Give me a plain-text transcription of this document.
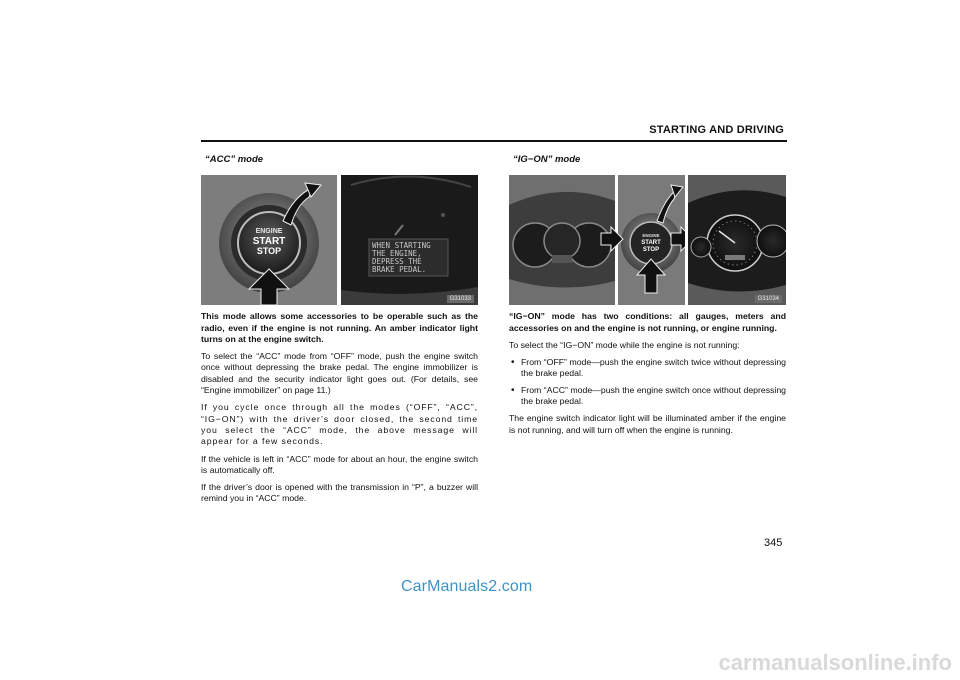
STARTING AND DRIVING
“ACC” mode
ENGINE
START
STOP
WHEN STARTING
THE ENGINE,
DEPRESS THE
BRAKE PEDAL.
G31033

This mode allows some accessories to be operable such as the radio, even if the engine is not running. An amber indicator light turns on at the engine switch.

To select the “ACC” mode from “OFF” mode, push the engine switch once without depressing the brake pedal. The engine immobilizer is disabled and the security indicator light goes out. (For details, see “Engine immobilizer” on page 11.)

If you cycle once through all the modes (“OFF”, “ACC”, “IG−ON”) with the driver’s door closed, the second time you select the “ACC” mode, the above message will appear for a few seconds.

If the vehicle is left in “ACC” mode for about an hour, the engine switch is automatically off.

If the driver’s door is opened with the transmission in “P”, a buzzer will remind you in “ACC” mode.

“IG−ON” mode
ENGINE
START
STOP
G31034

“IG−ON” mode has two conditions: all gauges, meters and accessories on and the engine is not running, or engine running.

To select the “IG−ON” mode while the engine is not running:

• From “OFF” mode—push the engine switch twice without depressing the brake pedal.
• From “ACC” mode—push the engine switch once without depressing the brake pedal.

The engine switch indicator light will be illuminated amber if the engine is not running, and will turn off when the engine is running.

345
CarManuals2.com
carmanualsonline.info
